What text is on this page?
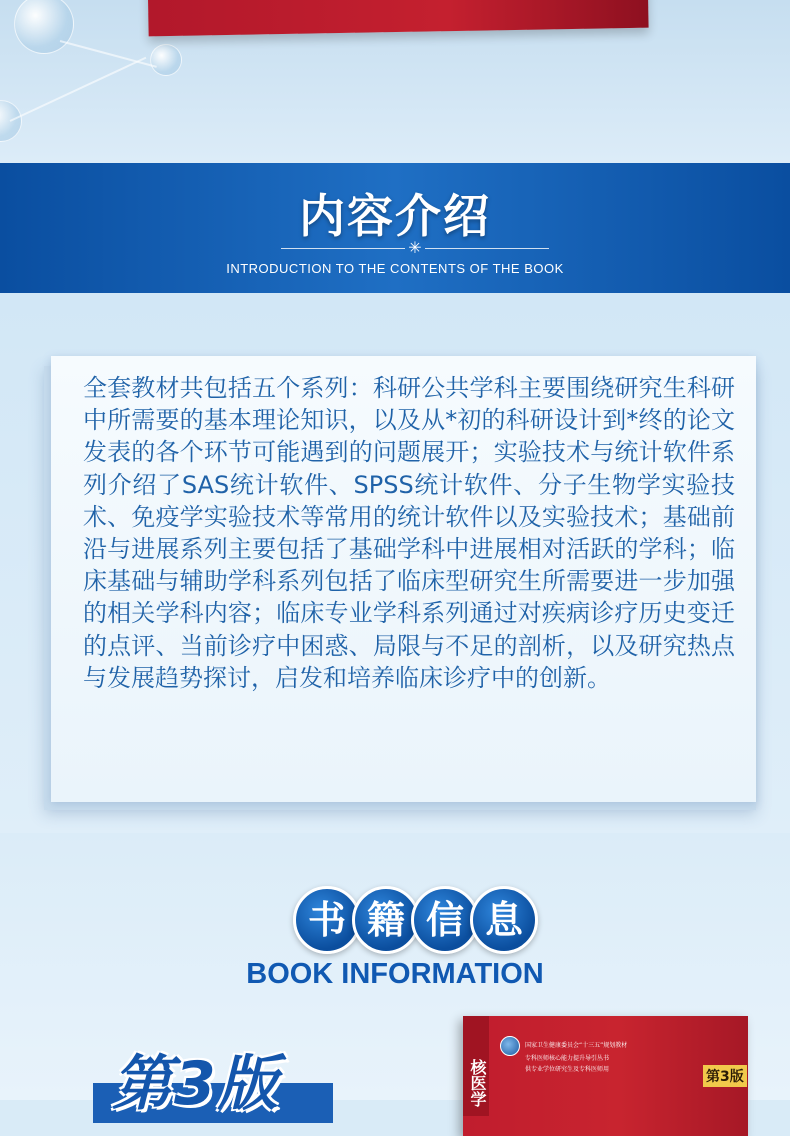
内容介绍
✳
INTRODUCTION TO THE CONTENTS OF THE BOOK

全套教材共包括五个系列：科研公共学科主要围绕研究生科研中所需要的基本理论知识，以及从*初的科研设计到*终的论文发表的各个环节可能遇到的问题展开；实验技术与统计软件系列介绍了SAS统计软件、SPSS统计软件、分子生物学实验技术、免疫学实验技术等常用的统计软件以及实验技术；基础前沿与进展系列主要包括了基础学科中进展相对活跃的学科；临床基础与辅助学科系列包括了临床型研究生所需要进一步加强的相关学科内容；临床专业学科系列通过对疾病诊疗历史变迁的点评、当前诊疗中困惑、局限与不足的剖析，以及研究热点与发展趋势探讨，启发和培养临床诊疗中的创新。

书 籍 信 息
BOOK INFORMATION
第3版	核医学
国家卫生健康委员会“十三五”规划教材
专科医师核心能力提升导引丛书
供专业学位研究生及专科医师用	第3版
